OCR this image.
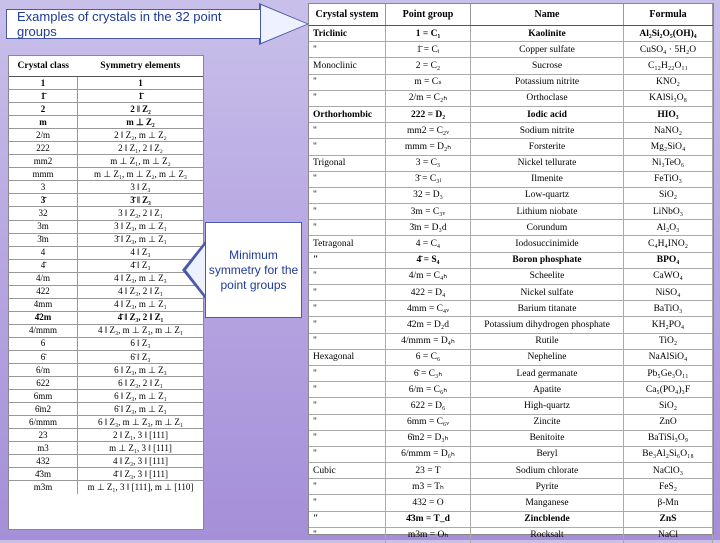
Examples of crystals in the 32 point groups
Crystal class	Symmetry elements
1	1
1̄	1̄
2	2 ‖ Z₂
m	m ⊥ Z₂
2/m	2 ‖ Z₂, m ⊥ Z₂
222	2 ‖ Z₁, 2 ‖ Z₂
mm2	m ⊥ Z₁, m ⊥ Z₂
mmm	m ⊥ Z₁, m ⊥ Z₂, m ⊥ Z₃
3	3 ‖ Z₃
3̄	3̄ ‖ Z₃
32	3 ‖ Z₃, 2 ‖ Z₁
3m	3 ‖ Z₃, m ⊥ Z₁
3̄m	3̄ ‖ Z₃, m ⊥ Z₁
4	4 ‖ Z₃
4̄	4̄ ‖ Z₃
4/m	4 ‖ Z₃, m ⊥ Z₃
422	4 ‖ Z₃, 2 ‖ Z₁
4mm	4 ‖ Z₃, m ⊥ Z₁
4̄2m	4̄ ‖ Z₃, 2 ‖ Z₁
4/mmm	4 ‖ Z₃, m ⊥ Z₃, m ⊥ Z₁
6	6 ‖ Z₃
6̄	6̄ ‖ Z₃
6/m	6 ‖ Z₃, m ⊥ Z₃
622	6 ‖ Z₃, 2 ‖ Z₁
6mm	6 ‖ Z₃, m ⊥ Z₁
6̄m2	6̄ ‖ Z₃, m ⊥ Z₁
6/mmm	6 ‖ Z₃, m ⊥ Z₃, m ⊥ Z₁
23	2 ‖ Z₁, 3 ‖ [111]
m3	m ⊥ Z₁, 3 ‖ [111]
432	4 ‖ Z₃, 3 ‖ [111]
4̄3m	4̄ ‖ Z₃, 3 ‖ [111]
m3m	m ⊥ Z₁, 3 ‖ [111], m ⊥ [110]
Minimum symmetry for the point groups
Crystal system	Point group	Name	Formula
Triclinic	1 = C₁	Kaolinite	Al₂Si₂O₅(OH)₄
"	1̄ = Cᵢ	Copper sulfate	CuSO₄ · 5H₂O
Monoclinic	2 = C₂	Sucrose	C₁₂H₂₂O₁₁
"	m = Cₛ	Potassium nitrite	KNO₂
"	2/m = C₂ₕ	Orthoclase	KAlSi₃O₈
Orthorhombic	222 = D₂	Iodic acid	HIO₃
"	mm2 = C₂ᵥ	Sodium nitrite	NaNO₂
"	mmm = D₂ₕ	Forsterite	Mg₂SiO₄
Trigonal	3 = C₃	Nickel tellurate	Ni₃TeO₆
"	3̄ = C₃ᵢ	Ilmenite	FeTiO₃
"	32 = D₃	Low-quartz	SiO₂
"	3m = C₃ᵥ	Lithium niobate	LiNbO₃
"	3̄m = D₃d	Corundum	Al₂O₃
Tetragonal	4 = C₄	Iodosuccinimide	C₄H₄INO₂
"	4̄ = S₄	Boron phosphate	BPO₄
"	4/m = C₄ₕ	Scheelite	CaWO₄
"	422 = D₄	Nickel sulfate	NiSO₄
"	4mm = C₄ᵥ	Barium titanate	BaTiO₃
"	4̄2m = D₂d	Potassium dihydrogen phosphate	KH₂PO₄
"	4/mmm = D₄ₕ	Rutile	TiO₂
Hexagonal	6 = C₆	Nepheline	NaAlSiO₄
"	6̄ = C₃ₕ	Lead germanate	Pb₅Ge₃O₁₁
"	6/m = C₆ₕ	Apatite	Ca₅(PO₄)₃F
"	622 = D₆	High-quartz	SiO₂
"	6mm = C₆ᵥ	Zincite	ZnO
"	6̄m2 = D₃ₕ	Benitoite	BaTiSi₃O₉
"	6/mmm = D₆ₕ	Beryl	Be₃Al₂Si₆O₁₈
Cubic	23 = T	Sodium chlorate	NaClO₃
"	m3 = Tₕ	Pyrite	FeS₂
"	432 = O	Manganese	β-Mn
"	4̄3m = T_d	Zincblende	ZnS
"	m3m = Oₕ	Rocksalt	NaCl
